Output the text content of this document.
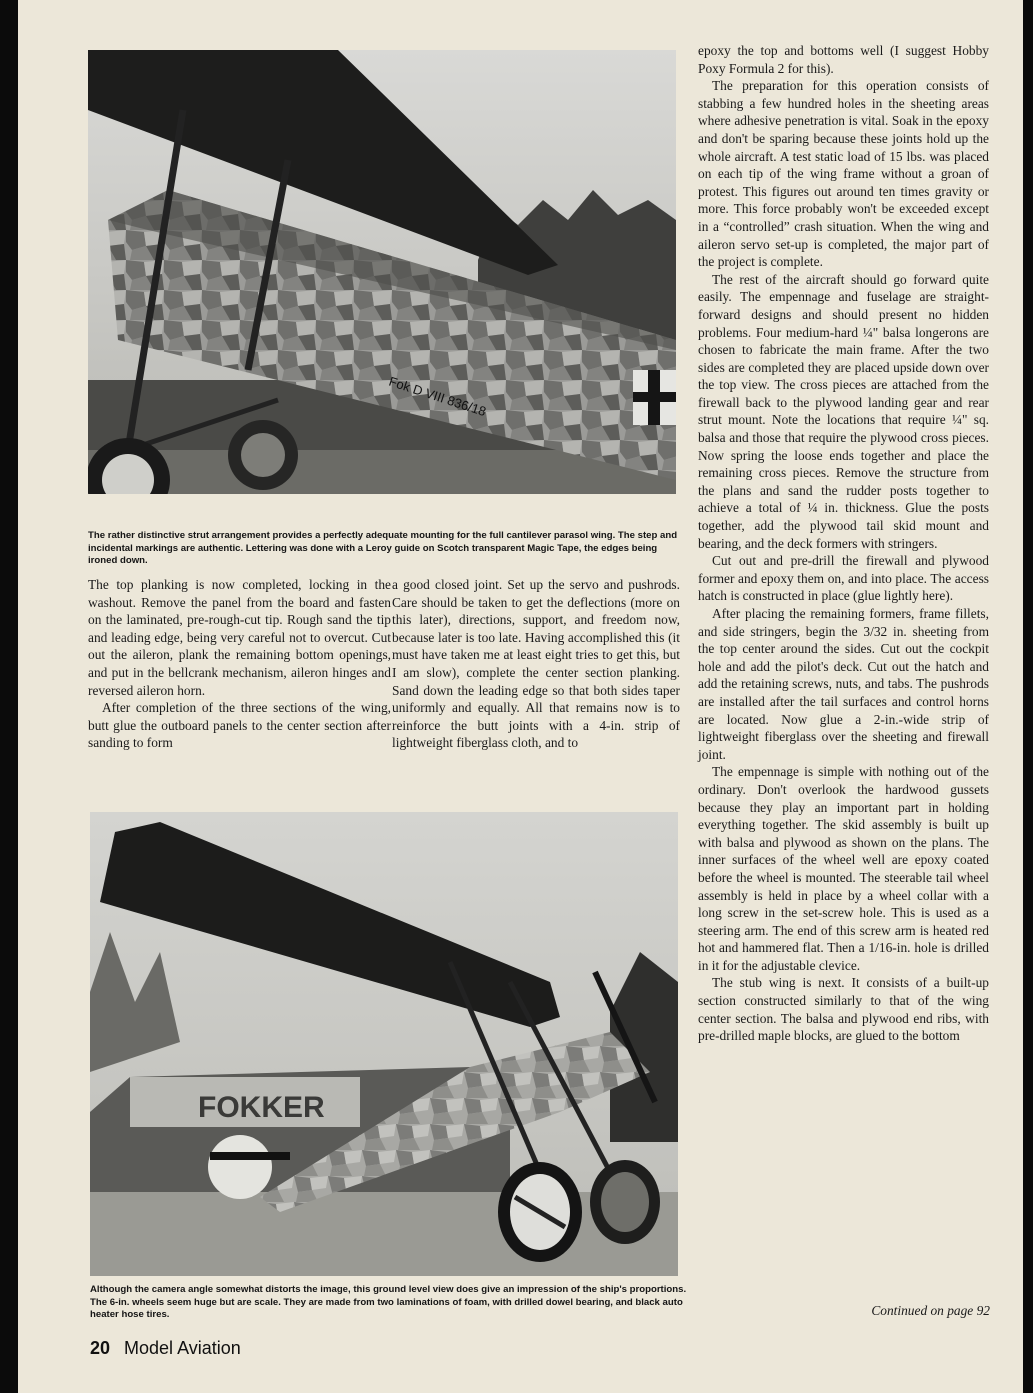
Fok D VIII 836/18

The rather distinctive strut arrangement provides a perfectly adequate mounting for the full cantilever parasol wing. The step and incidental markings are authentic. Lettering was done with a Leroy guide on Scotch transparent Magic Tape, the edges being ironed down.

The top planking is now completed, locking in the washout. Remove the panel from the board and fasten on the laminated, pre-rough-cut tip. Rough sand the tip and leading edge, being very careful not to overcut. Cut out the aileron, plank the remaining bottom openings, and put in the bellcrank mechanism, aileron hinges and reversed aileron horn.

After completion of the three sections of the wing, butt glue the outboard panels to the center section after sanding to form

a good closed joint. Set up the servo and pushrods. Care should be taken to get the deflections (more on this later), directions, support, and freedom now, because later is too late. Having accomplished this (it must have taken me at least eight tries to get this, but I am slow), complete the center section planking. Sand down the leading edge so that both sides taper uniformly and equally. All that remains now is to reinforce the butt joints with a 4-in. strip of lightweight fiberglass cloth, and to

FOKKER

Although the camera angle somewhat distorts the image, this ground level view does give an impression of the ship's proportions. The 6-in. wheels seem huge but are scale. They are made from two laminations of foam, with drilled dowel bearing, and black auto heater hose tires.

epoxy the top and bottoms well (I suggest Hobby Poxy Formula 2 for this).

The preparation for this operation consists of stabbing a few hundred holes in the sheeting areas where adhesive penetration is vital. Soak in the epoxy and don't be sparing because these joints hold up the whole aircraft. A test static load of 15 lbs. was placed on each tip of the wing frame without a groan of protest. This figures out around ten times gravity or more. This force probably won't be exceeded except in a “controlled” crash situation. When the wing and aileron servo set-up is completed, the major part of the project is complete.

The rest of the aircraft should go forward quite easily. The empennage and fuselage are straight-forward designs and should present no hidden problems. Four medium-hard ¼" balsa longerons are chosen to fabricate the main frame. After the two sides are completed they are placed upside down over the top view. The cross pieces are attached from the firewall back to the plywood landing gear and rear strut mount. Note the locations that require ¼" sq. balsa and those that require the plywood cross pieces. Now spring the loose ends together and place the remaining cross pieces. Remove the structure from the plans and sand the rudder posts together to achieve a total of ¼ in. thickness. Glue the posts together, add the plywood tail skid mount and bearing, and the deck formers with stringers.

Cut out and pre-drill the firewall and plywood former and epoxy them on, and into place. The access hatch is constructed in place (glue lightly here).

After placing the remaining formers, frame fillets, and side stringers, begin the 3/32 in. sheeting from the top center around the sides. Cut out the cockpit hole and add the pilot's deck. Cut out the hatch and add the retaining screws, nuts, and tabs. The pushrods are installed after the tail surfaces and control horns are located. Now glue a 2-in.-wide strip of lightweight fiberglass over the sheeting and firewall joint.

The empennage is simple with nothing out of the ordinary. Don't overlook the hardwood gussets because they play an important part in holding everything together. The skid assembly is built up with balsa and plywood as shown on the plans. The inner surfaces of the wheel well are epoxy coated before the wheel is mounted. The steerable tail wheel assembly is held in place by a wheel collar with a long screw in the set-screw hole. This is used as a steering arm. The end of this screw arm is heated red hot and hammered flat. Then a 1/16-in. hole is drilled in it for the adjustable clevice.

The stub wing is next. It consists of a built-up section constructed similarly to that of the wing center section. The balsa and plywood end ribs, with pre-drilled maple blocks, are glued to the bottom

Continued on page 92
20 Model Aviation
